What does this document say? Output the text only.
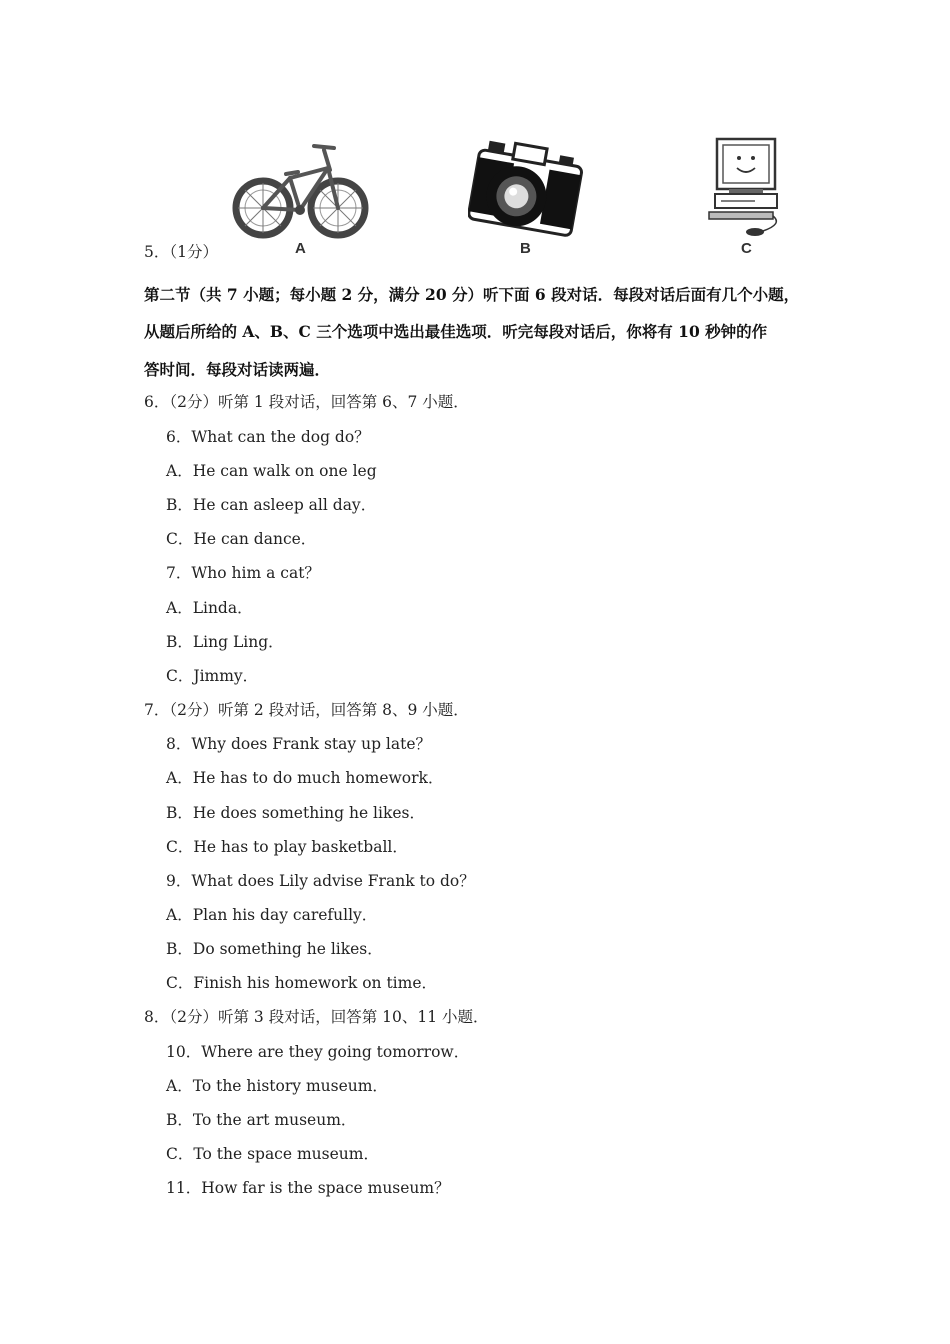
A	B	C
5．（1分）
第二节（共 7 小题；每小题 2 分，满分 20 分）听下面 6 段对话．每段对话后面有几个小题，
从题后所给的 A、B、C 三个选项中选出最佳选项．听完每段对话后，你将有 10 秒钟的作
答时间．每段对话读两遍．
6．（2分）听第 1 段对话，回答第 6、7 小题．
6．What can the dog do？
A．He can walk on one leg
B．He can asleep all day．
C．He can dance．
7．Who him a cat？
A．Linda．
B．Ling Ling．
C．Jimmy．
7．（2分）听第 2 段对话，回答第 8、9 小题．
8．Why does Frank stay up late？
A．He has to do much homework．
B．He does something he likes．
C．He has to play basketball．
9．What does Lily advise Frank to do？
A．Plan his day carefully．
B．Do something he likes．
C．Finish his homework on time．
8．（2分）听第 3 段对话，回答第 10、11 小题．
10．Where are they going tomorrow．
A．To the history museum．
B．To the art museum．
C．To the space museum．
11．How far is the space museum？
